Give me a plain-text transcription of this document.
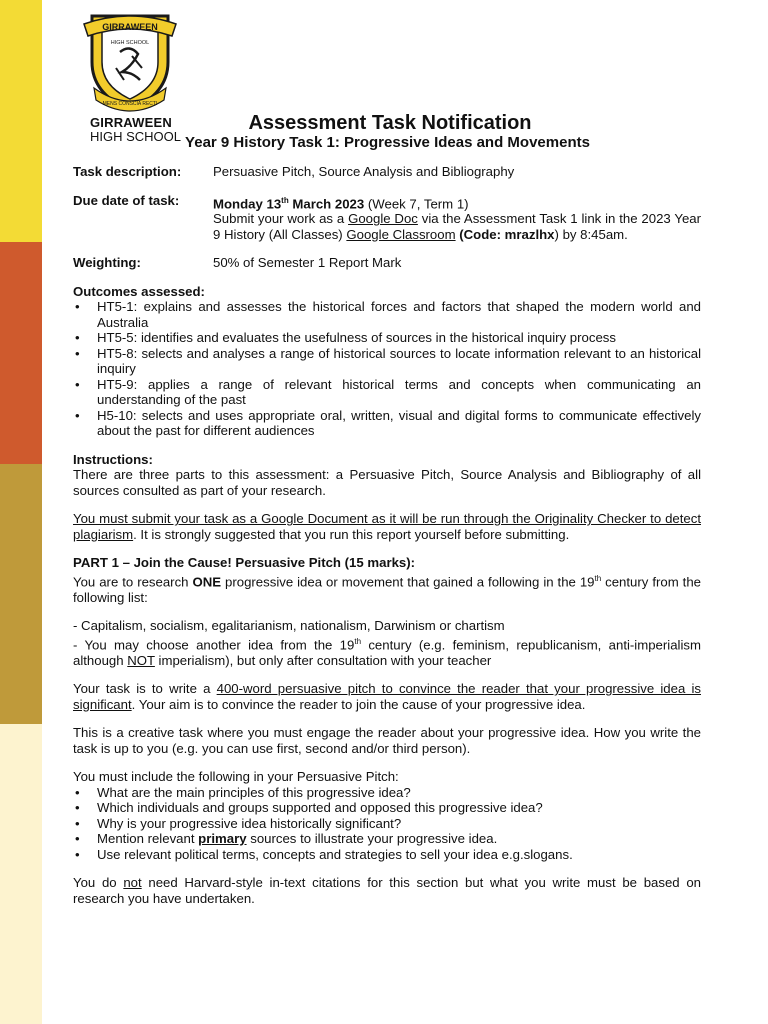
GIRRAWEEN
HIGH SCHOOL
MENS CONSCIA RECTI
GIRRAWEEN
HIGH SCHOOL
Assessment Task Notification
Year 9 History Task 1: Progressive Ideas and Movements
Task description:	Persuasive Pitch, Source Analysis and Bibliography
Due date of task:	Monday 13th March 2023 (Week 7, Term 1)
Submit your work as a Google Doc via the Assessment Task 1 link in the 2023 Year 9 History (All Classes) Google Classroom (Code: mrazlhx) by 8:45am.
Weighting:	50% of Semester 1 Report Mark
Outcomes assessed:
• HT5-1: explains and assesses the historical forces and factors that shaped the modern world and Australia
• HT5-5: identifies and evaluates the usefulness of sources in the historical inquiry process
• HT5-8: selects and analyses a range of historical sources to locate information relevant to an historical inquiry
• HT5-9: applies a range of relevant historical terms and concepts when communicating an understanding of the past
• H5-10: selects and uses appropriate oral, written, visual and digital forms to communicate effectively about the past for different audiences
Instructions:

There are three parts to this assessment: a Persuasive Pitch, Source Analysis and Bibliography of all sources consulted as part of your research.

You must submit your task as a Google Document as it will be run through the Originality Checker to detect plagiarism. It is strongly suggested that you run this report yourself before submitting.

PART 1 – Join the Cause! Persuasive Pitch (15 marks):

You are to research ONE progressive idea or movement that gained a following in the 19th century from the following list:

- Capitalism, socialism, egalitarianism, nationalism, Darwinism or chartism

- You may choose another idea from the 19th century (e.g. feminism, republicanism, anti-imperialism although NOT imperialism), but only after consultation with your teacher

Your task is to write a 400-word persuasive pitch to convince the reader that your progressive idea is significant. Your aim is to convince the reader to join the cause of your progressive idea.

This is a creative task where you must engage the reader about your progressive idea. How you write the task is up to you (e.g. you can use first, second and/or third person).

You must include the following in your Persuasive Pitch:
• What are the main principles of this progressive idea?
• Which individuals and groups supported and opposed this progressive idea?
• Why is your progressive idea historically significant?
• Mention relevant primary sources to illustrate your progressive idea.
• Use relevant political terms, concepts and strategies to sell your idea e.g.slogans.

You do not need Harvard-style in-text citations for this section but what you write must be based on research you have undertaken.
